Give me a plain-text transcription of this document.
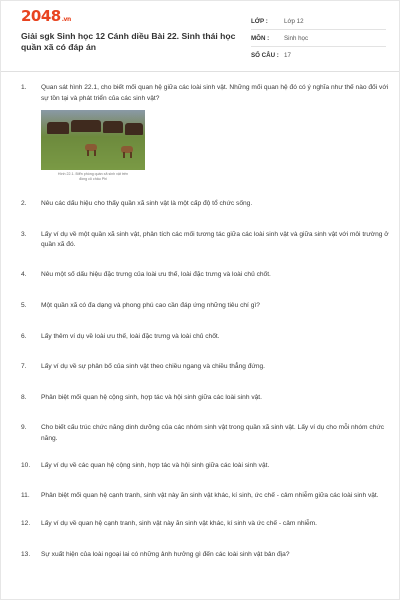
2048.vn
Giải sgk Sinh học 12 Cánh diều Bài 22. Sinh thái học quần xã có đáp án
LỚP :	Lớp 12
MÔN :	Sinh học
SỐ CÂU : 17
1.	Quan sát hình 22.1, cho biết mối quan hệ giữa các loài sinh vật. Những mối quan hệ đó có ý nghĩa như thế nào đối với sự tồn tại và phát triển của các sinh vật?
Hình 22.1. Biển phòng quần xã sinh vật trên đồng cỏ châu Phi
2.	Nêu các dấu hiệu cho thấy quần xã sinh vật là một cấp độ tổ chức sống.
3.	Lấy ví dụ về một quần xã sinh vật, phân tích các mối tương tác giữa các loài sinh vật và giữa sinh vật với môi trường ở quần xã đó.
4.	Nêu một số dấu hiệu đặc trưng của loài ưu thế, loài đặc trưng và loài chủ chốt.
5.	Một quần xã có đa dạng và phong phú cao cần đáp ứng những tiêu chí gì?
6.	Lấy thêm ví dụ về loài ưu thế, loài đặc trưng và loài chủ chốt.
7.	Lấy ví dụ về sự phân bố của sinh vật theo chiều ngang và chiều thẳng đứng.
8.	Phân biệt mối quan hệ cộng sinh, hợp tác và hội sinh giữa các loài sinh vật.
9.	Cho biết cấu trúc chức năng dinh dưỡng của các nhóm sinh vật trong quần xã sinh vật. Lấy ví dụ cho mỗi nhóm chức năng.
10.	Lấy ví dụ về các quan hệ cộng sinh, hợp tác và hội sinh giữa các loài sinh vật.
11.	Phân biệt mối quan hệ cạnh tranh, sinh vật này ăn sinh vật khác, kí sinh, ức chế - cảm nhiễm giữa các loài sinh vật.
12.	Lấy ví dụ về quan hệ cạnh tranh, sinh vật này ăn sinh vật khác, kí sinh và ức chế - cảm nhiễm.
13.	Sự xuất hiện của loài ngoại lai có những ảnh hưởng gì đến các loài sinh vật bản địa?
